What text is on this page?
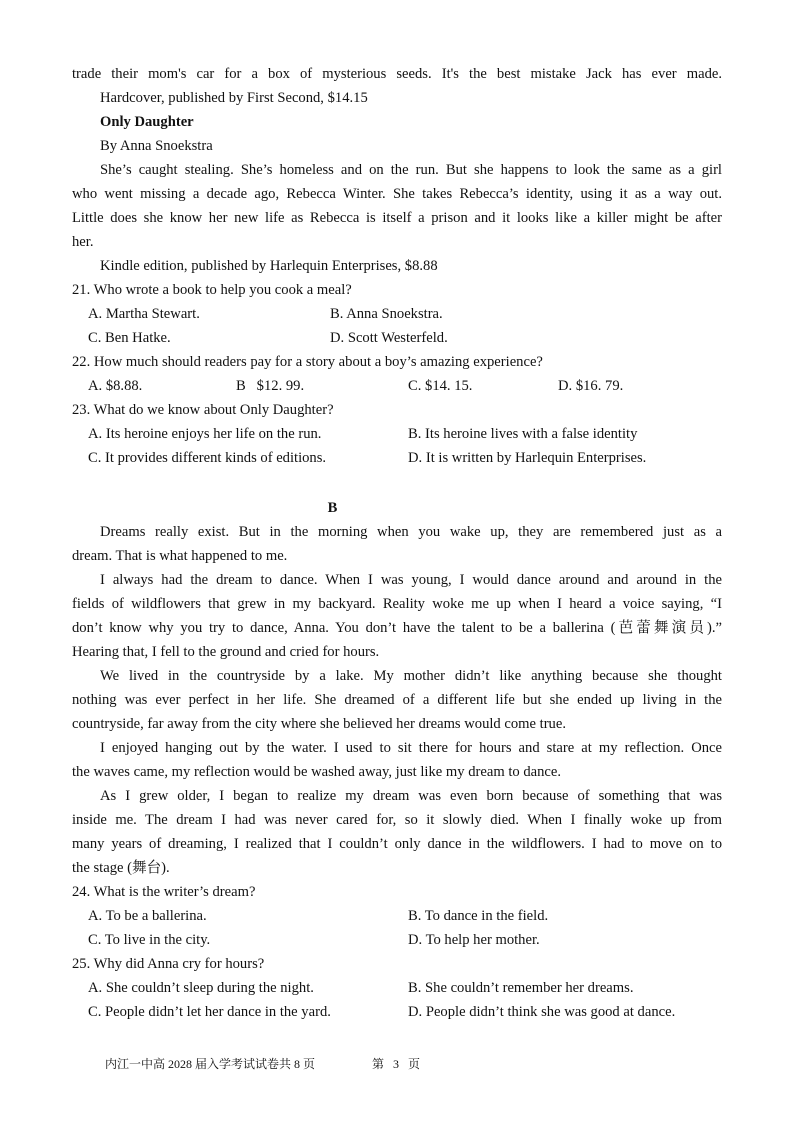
trade their mom's car for a box of mysterious seeds. It's the best mistake Jack has ever made.
Hardcover, published by First Second, $14.15
Only Daughter
By Anna Snoekstra
She’s caught stealing. She’s homeless and on the run. But she happens to look the same as a girl
who went missing a decade ago, Rebecca Winter. She takes Rebecca’s identity, using it as a way out.
Little does she know her new life as Rebecca is itself a prison and it looks like a killer might be after
her.
Kindle edition, published by Harlequin Enterprises, $8.88
21. Who wrote a book to help you cook a meal?
A. Martha Stewart.	B. Anna Snoekstra.
C. Ben Hatke.	D. Scott Westerfeld.
22. How much should readers pay for a story about a boy’s amazing experience?
A. $8.88.	B   $12. 99.	C. $14. 15.	D. $16. 79.
23. What do we know about Only Daughter?
A. Its heroine enjoys her life on the run.	B. Its heroine lives with a false identity
C. It provides different kinds of editions.	D. It is written by Harlequin Enterprises.
B
Dreams really exist. But in the morning when you wake up, they are remembered just as a
dream. That is what happened to me.
I always had the dream to dance. When I was young, I would dance around and around in the
fields of wildflowers that grew in my backyard. Reality woke me up when I heard a voice saying, “I
don’t know why you try to dance, Anna. You don’t have the talent to be a ballerina (芭蕾舞演员).”
Hearing that, I fell to the ground and cried for hours.
We lived in the countryside by a lake. My mother didn’t like anything because she thought
nothing was ever perfect in her life. She dreamed of a different life but she ended up living in the
countryside, far away from the city where she believed her dreams would come true.
I enjoyed hanging out by the water. I used to sit there for hours and stare at my reflection. Once
the waves came, my reflection would be washed away, just like my dream to dance.
As I grew older, I began to realize my dream was even born because of something that was
inside me. The dream I had was never cared for, so it slowly died. When I finally woke up from
many years of dreaming, I realized that I couldn’t only dance in the wildflowers. I had to move on to
the stage (舞台).
24. What is the writer’s dream?
A. To be a ballerina.	B. To dance in the field.
C. To live in the city.	D. To help her mother.
25. Why did Anna cry for hours?
A. She couldn’t sleep during the night.	B. She couldn’t remember her dreams.
C. People didn’t let her dance in the yard.	D. People didn’t think she was good at dance.
内江一中高 2028 届入学考试试卷共 8 页	第   3   页
